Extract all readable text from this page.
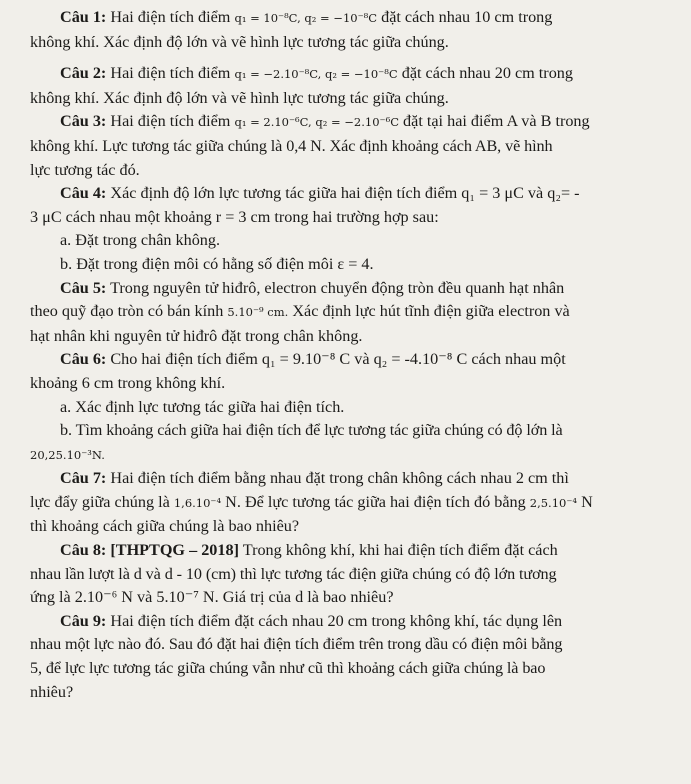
Câu 1: Hai điện tích điểm q₁ = 10⁻⁸C, q₂ = −10⁻⁸C đặt cách nhau 10 cm trong

không khí. Xác định độ lớn và vẽ hình lực tương tác giữa chúng.

Câu 2: Hai điện tích điểm q₁ = −2.10⁻⁸C, q₂ = −10⁻⁸C đặt cách nhau 20 cm trong

không khí. Xác định độ lớn và vẽ hình lực tương tác giữa chúng.

Câu 3: Hai điện tích điểm q₁ = 2.10⁻⁶C, q₂ = −2.10⁻⁶C đặt tại hai điểm A và B trong

không khí. Lực tương tác giữa chúng là 0,4 N. Xác định khoảng cách AB, vẽ hình

lực tương tác đó.

Câu 4: Xác định độ lớn lực tương tác giữa hai điện tích điểm q₁ = 3 μC và q₂= -

3 μC cách nhau một khoảng r = 3 cm trong hai trường hợp sau:

a. Đặt trong chân không.

b. Đặt trong điện môi có hằng số điện môi ε = 4.

Câu 5: Trong nguyên tử hiđrô, electron chuyển động tròn đều quanh hạt nhân

theo quỹ đạo tròn có bán kính 5.10⁻⁹ cm. Xác định lực hút tĩnh điện giữa electron và

hạt nhân khi nguyên tử hiđrô đặt trong chân không.

Câu 6: Cho hai điện tích điểm q₁ = 9.10⁻⁸ C và q₂ = -4.10⁻⁸ C cách nhau một

khoảng 6 cm trong không khí.

a. Xác định lực tương tác giữa hai điện tích.

b. Tìm khoảng cách giữa hai điện tích để lực tương tác giữa chúng có độ lớn là

20,25.10⁻³N.

Câu 7: Hai điện tích điểm bằng nhau đặt trong chân không cách nhau 2 cm thì

lực đẩy giữa chúng là 1,6.10⁻⁴ N. Để lực tương tác giữa hai điện tích đó bằng 2,5.10⁻⁴ N

thì khoảng cách giữa chúng là bao nhiêu?

Câu 8: [THPTQG – 2018] Trong không khí, khi hai điện tích điểm đặt cách

nhau lần lượt là d và d - 10 (cm) thì lực tương tác điện giữa chúng có độ lớn tương

ứng là 2.10⁻⁶ N và 5.10⁻⁷ N. Giá trị của d là bao nhiêu?

Câu 9: Hai điện tích điểm đặt cách nhau 20 cm trong không khí, tác dụng lên

nhau một lực nào đó. Sau đó đặt hai điện tích điểm trên trong dầu có điện môi bằng

5, để lực lực tương tác giữa chúng vẫn như cũ thì khoảng cách giữa chúng là bao

nhiêu?
